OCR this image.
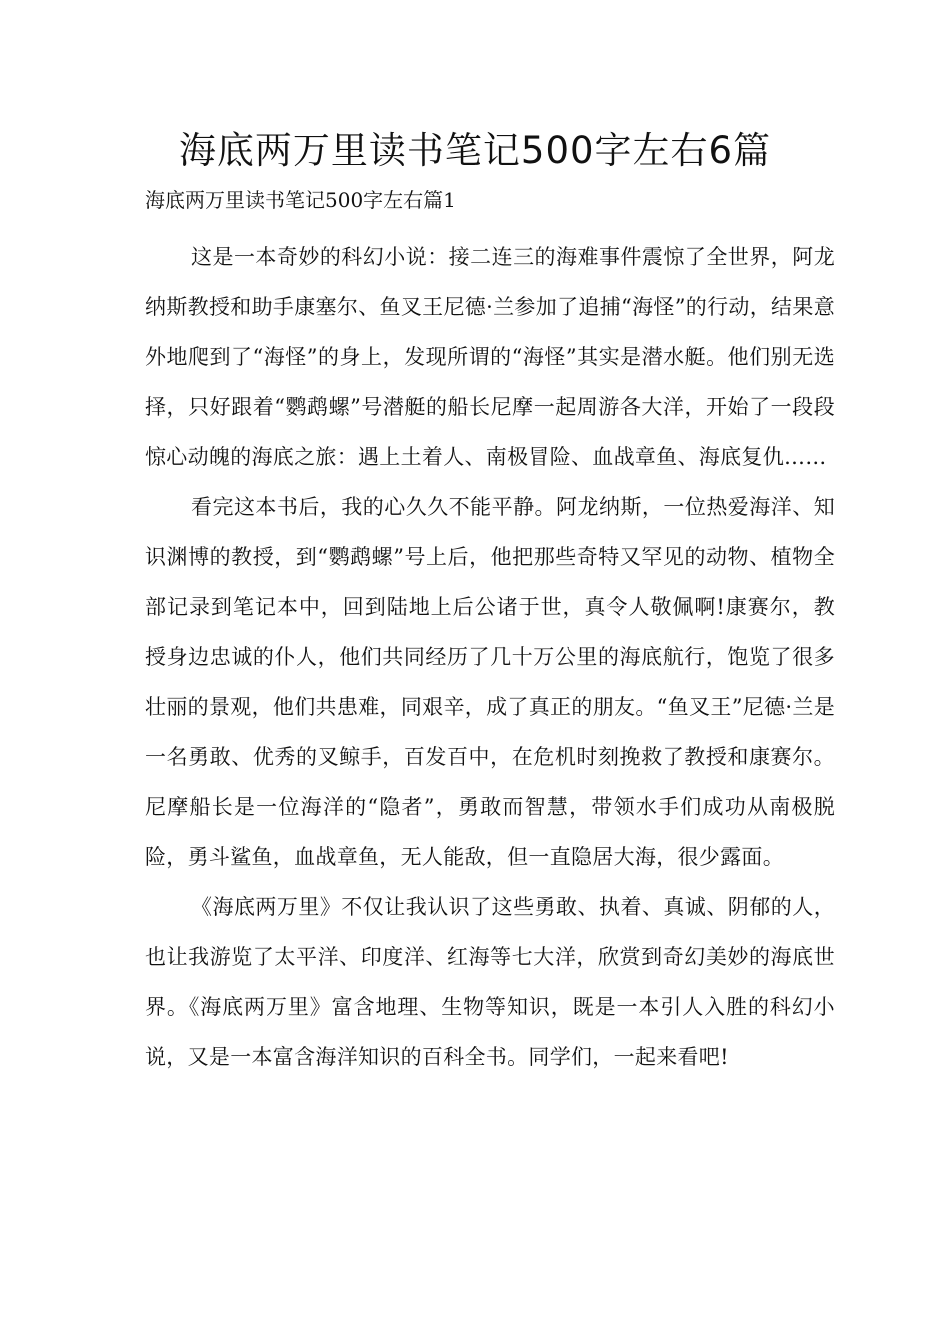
海底两万里读书笔记500字左右6篇

海底两万里读书笔记500字左右篇1

这是一本奇妙的科幻小说：接二连三的海难事件震惊了全世界，阿龙纳斯教授和助手康塞尔、鱼叉王尼德·兰参加了追捕“海怪”的行动，结果意外地爬到了“海怪”的身上，发现所谓的“海怪”其实是潜水艇。他们别无选择，只好跟着“鹦鹉螺”号潜艇的船长尼摩一起周游各大洋，开始了一段段惊心动魄的海底之旅：遇上土着人、南极冒险、血战章鱼、海底复仇……

看完这本书后，我的心久久不能平静。阿龙纳斯，一位热爱海洋、知识渊博的教授，到“鹦鹉螺”号上后，他把那些奇特又罕见的动物、植物全部记录到笔记本中，回到陆地上后公诸于世，真令人敬佩啊!康赛尔，教授身边忠诚的仆人，他们共同经历了几十万公里的海底航行，饱览了很多壮丽的景观，他们共患难，同艰辛，成了真正的朋友。“鱼叉王”尼德·兰是一名勇敢、优秀的叉鲸手，百发百中，在危机时刻挽救了教授和康赛尔。尼摩船长是一位海洋的“隐者”，勇敢而智慧，带领水手们成功从南极脱险，勇斗鲨鱼，血战章鱼，无人能敌，但一直隐居大海，很少露面。

《海底两万里》不仅让我认识了这些勇敢、执着、真诚、阴郁的人，也让我游览了太平洋、印度洋、红海等七大洋，欣赏到奇幻美妙的海底世界。《海底两万里》富含地理、生物等知识，既是一本引人入胜的科幻小说，又是一本富含海洋知识的百科全书。同学们，一起来看吧!
